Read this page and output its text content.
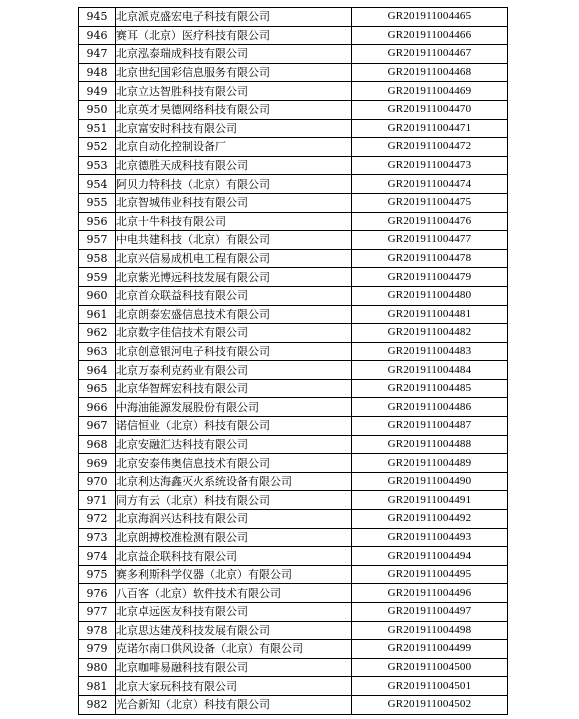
945	北京派克盛宏电子科技有限公司	GR201911004465
946	赛耳（北京）医疗科技有限公司	GR201911004466
947	北京泓泰瑞成科技有限公司	GR201911004467
948	北京世纪国彩信息服务有限公司	GR201911004468
949	北京立达智胜科技有限公司	GR201911004469
950	北京英才昊德网络科技有限公司	GR201911004470
951	北京富安时科技有限公司	GR201911004471
952	北京自动化控制设备厂	GR201911004472
953	北京德胜天成科技有限公司	GR201911004473
954	阿贝力特科技（北京）有限公司	GR201911004474
955	北京智城伟业科技有限公司	GR201911004475
956	北京十牛科技有限公司	GR201911004476
957	中电共建科技（北京）有限公司	GR201911004477
958	北京兴信易成机电工程有限公司	GR201911004478
959	北京紫光博远科技发展有限公司	GR201911004479
960	北京首众联益科技有限公司	GR201911004480
961	北京朗泰宏盛信息技术有限公司	GR201911004481
962	北京数字佳信技术有限公司	GR201911004482
963	北京创意银河电子科技有限公司	GR201911004483
964	北京万泰利克药业有限公司	GR201911004484
965	北京华智辉宏科技有限公司	GR201911004485
966	中海油能源发展股份有限公司	GR201911004486
967	诺信恒业（北京）科技有限公司	GR201911004487
968	北京安融汇达科技有限公司	GR201911004488
969	北京安泰伟奥信息技术有限公司	GR201911004489
970	北京利达海鑫灭火系统设备有限公司	GR201911004490
971	同方有云（北京）科技有限公司	GR201911004491
972	北京海润兴达科技有限公司	GR201911004492
973	北京朗搏校准检测有限公司	GR201911004493
974	北京益企联科技有限公司	GR201911004494
975	赛多利斯科学仪器（北京）有限公司	GR201911004495
976	八百客（北京）软件技术有限公司	GR201911004496
977	北京卓远医友科技有限公司	GR201911004497
978	北京思达建茂科技发展有限公司	GR201911004498
979	克诺尔南口供风设备（北京）有限公司	GR201911004499
980	北京咖啡易融科技有限公司	GR201911004500
981	北京大家玩科技有限公司	GR201911004501
982	光合新知（北京）科技有限公司	GR201911004502
